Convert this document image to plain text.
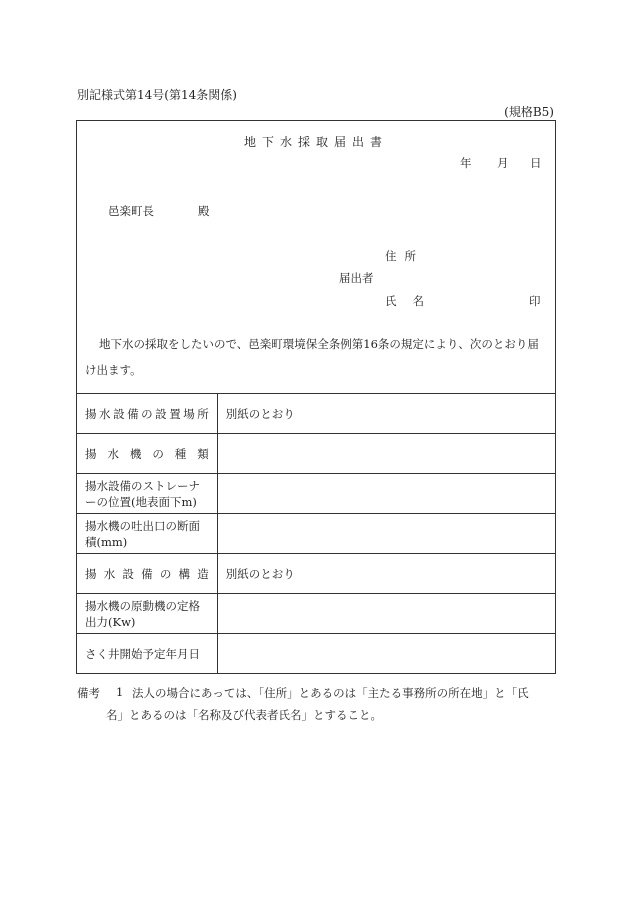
別記様式第14号(第14条関係)
(規格B5)
地下水採取届出書
年 月 日
邑楽町長	殿
住所
届出者
氏名	印
地下水の採取をしたいので、邑楽町環境保全条例第16条の規定により、次のとおり届
け出ます。
揚水設備の設置場所	別紙のとおり

揚水機の種類	

揚水設備のストレーナーの位置(地表面下m)	
揚水機の吐出口の断面積(mm)	

揚水設備の構造	別紙のとおり
揚水機の原動機の定格出力(Kw)	
さく井開始予定年月日	
備考 1 法人の場合にあっては、「住所」とあるのは「主たる事務所の所在地」と「氏
名」とあるのは「名称及び代表者氏名」とすること。
